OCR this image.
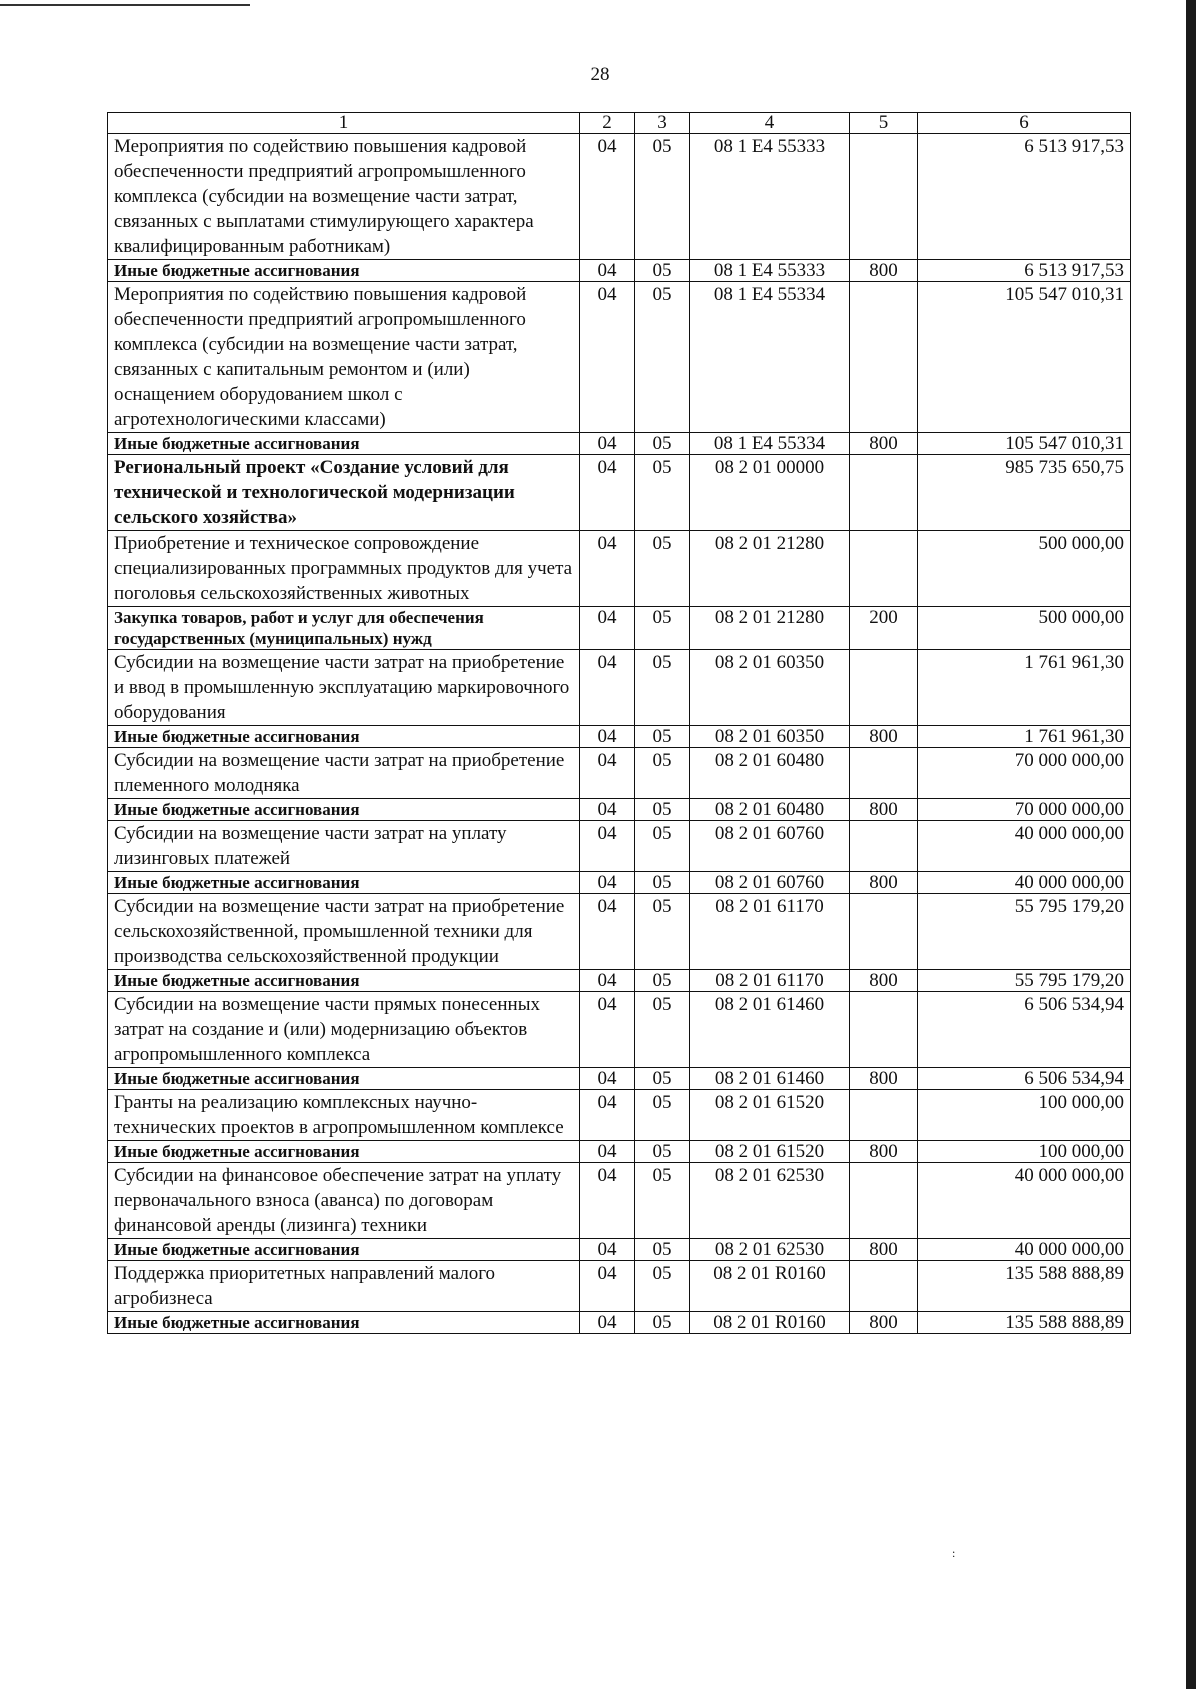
28
1	2	3	4	5	6
Мероприятия по содействию повышения кадровой обеспеченности предприятий агропромышленного комплекса (субсидии на возмещение части затрат, связанных с выплатами стимулирующего характера квалифицированным работникам)	04	05	08 1 E4 55333		6 513 917,53
Иные бюджетные ассигнования	04	05	08 1 E4 55333	800	6 513 917,53
Мероприятия по содействию повышения кадровой обеспеченности предприятий агропромышленного комплекса (субсидии на возмещение части затрат, связанных с капитальным ремонтом и (или) оснащением оборудованием школ с агротехнологическими классами)	04	05	08 1 E4 55334		105 547 010,31
Иные бюджетные ассигнования	04	05	08 1 E4 55334	800	105 547 010,31
Региональный проект «Создание условий для технической и технологической модернизации сельского хозяйства»	04	05	08 2 01 00000		985 735 650,75
Приобретение и техническое сопровождение специализированных программных продуктов для учета поголовья сельскохозяйственных животных	04	05	08 2 01 21280		500 000,00
Закупка товаров, работ и услуг для обеспечения государственных (муниципальных) нужд	04	05	08 2 01 21280	200	500 000,00
Субсидии на возмещение части затрат на приобретение и ввод в промышленную эксплуатацию маркировочного оборудования	04	05	08 2 01 60350		1 761 961,30
Иные бюджетные ассигнования	04	05	08 2 01 60350	800	1 761 961,30
Субсидии на возмещение части затрат на приобретение племенного молодняка	04	05	08 2 01 60480		70 000 000,00
Иные бюджетные ассигнования	04	05	08 2 01 60480	800	70 000 000,00
Субсидии на возмещение части затрат на уплату лизинговых платежей	04	05	08 2 01 60760		40 000 000,00
Иные бюджетные ассигнования	04	05	08 2 01 60760	800	40 000 000,00
Субсидии на возмещение части затрат на приобретение сельскохозяйственной, промышленной техники для производства сельскохозяйственной продукции	04	05	08 2 01 61170		55 795 179,20
Иные бюджетные ассигнования	04	05	08 2 01 61170	800	55 795 179,20
Субсидии на возмещение части прямых понесенных затрат на создание и (или) модернизацию объектов агропромышленного комплекса	04	05	08 2 01 61460		6 506 534,94
Иные бюджетные ассигнования	04	05	08 2 01 61460	800	6 506 534,94
Гранты на реализацию комплексных научно-технических проектов в агропромышленном комплексе	04	05	08 2 01 61520		100 000,00
Иные бюджетные ассигнования	04	05	08 2 01 61520	800	100 000,00
Субсидии на финансовое обеспечение затрат на уплату первоначального взноса (аванса) по договорам финансовой аренды (лизинга) техники	04	05	08 2 01 62530		40 000 000,00
Иные бюджетные ассигнования	04	05	08 2 01 62530	800	40 000 000,00
Поддержка приоритетных направлений малого агробизнеса	04	05	08 2 01 R0160		135 588 888,89
Иные бюджетные ассигнования	04	05	08 2 01 R0160	800	135 588 888,89
:
